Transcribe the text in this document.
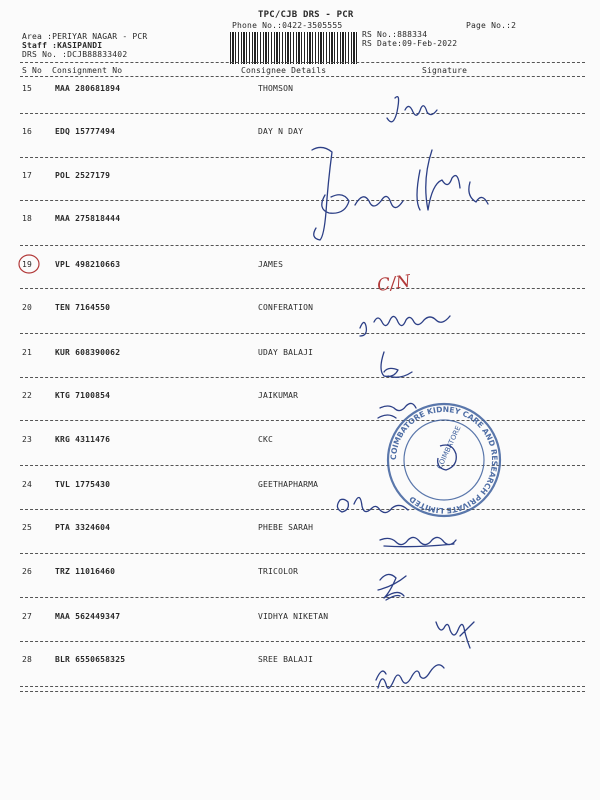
TPC/CJB DRS - PCR
Phone No.:0422-3505555	Page No.:2
Area :PERIYAR NAGAR - PCR
Staff :KASIPANDI
DRS No. :DCJB88833402
RS No.:888334
RS Date:09-Feb-2022
S No Consignment No	Consignee Details	Signature
15	MAA 280681894	THOMSON
16	EDQ 15777494	DAY N DAY
17	POL 2527179
18	MAA 275818444
19	VPL 498210663	JAMES
20	TEN 7164550	CONFERATION
21	KUR 608390062	UDAY BALAJI
22	KTG 7100854	JAIKUMAR
23	KRG 4311476	CKC
24	TVL 1775430	GEETHAPHARMA
25	PTA 3324604	PHEBE SARAH
26	TRZ 11016460	TRICOLOR
27	MAA 562449347	VIDHYA NIKETAN
28	BLR 6550658325	SREE BALAJI
C/N
COIMBATORE KIDNEY CARE AND RESEARCH PRIVATE LIMITED
COIMBATORE
